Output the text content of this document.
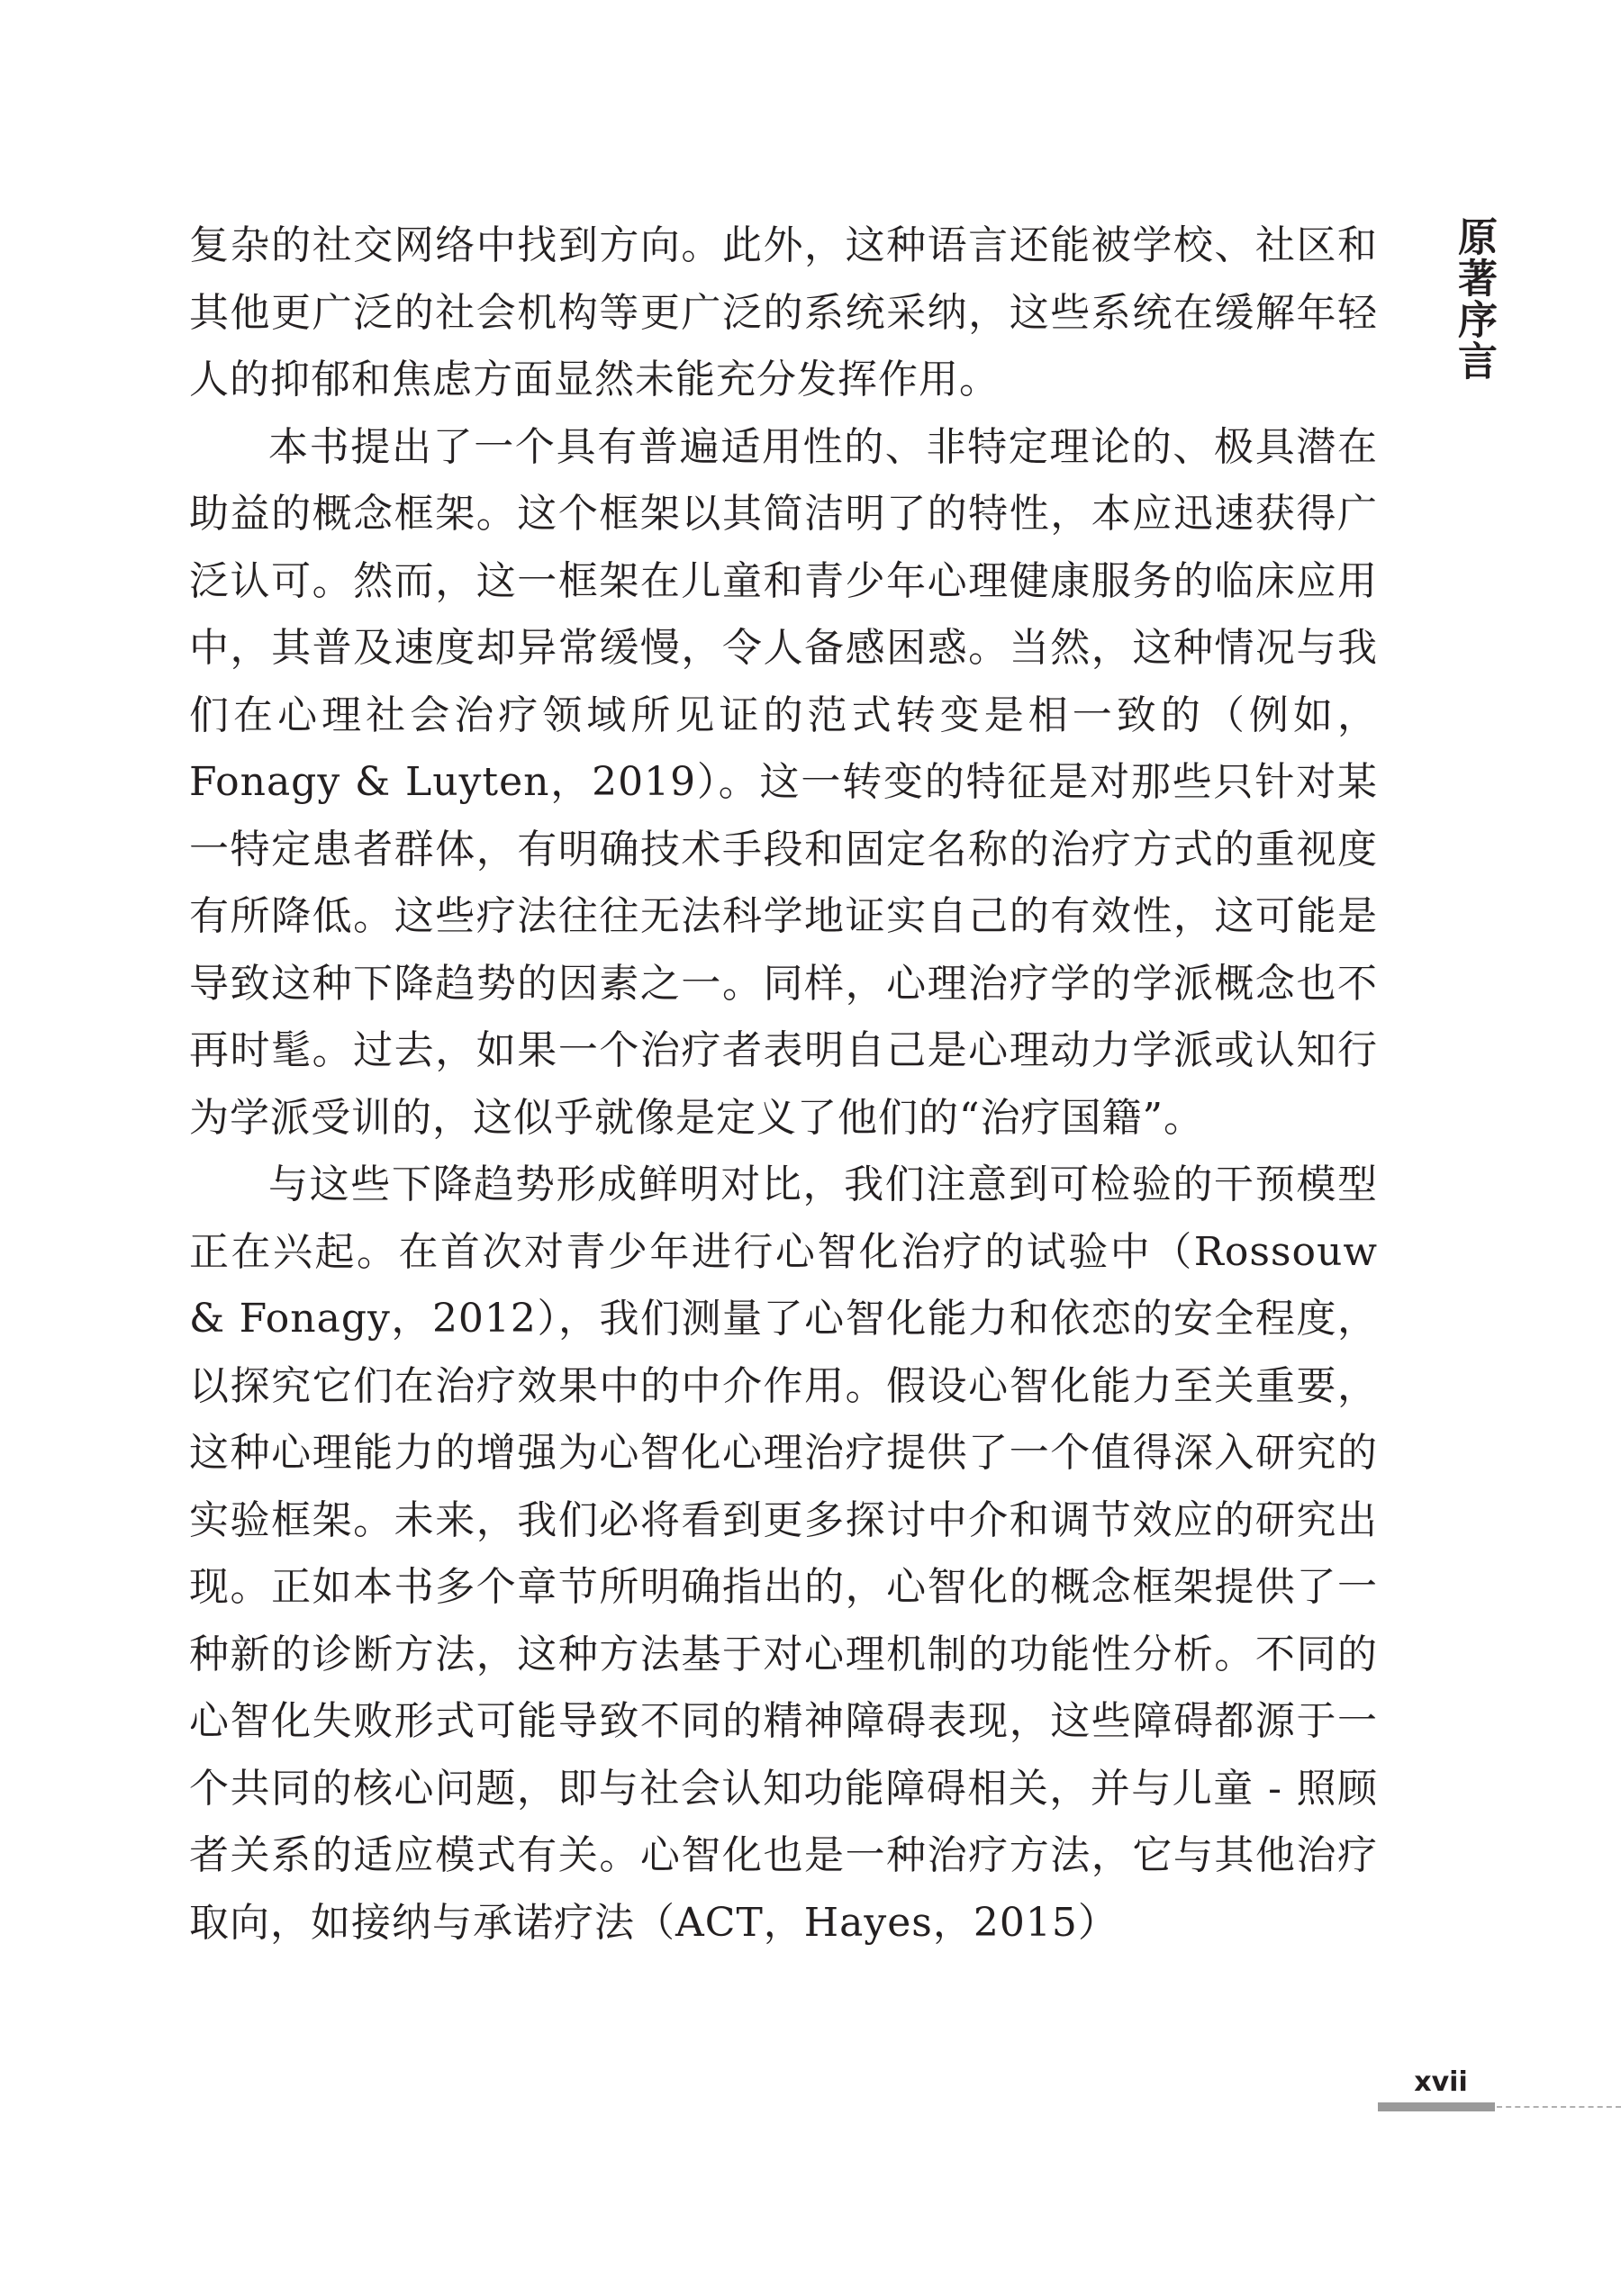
复杂的社交网络中找到方向。此外，这种语言还能被学校、社区和其他更广泛的社会机构等更广泛的系统采纳，这些系统在缓解年轻人的抑郁和焦虑方面显然未能充分发挥作用。

本书提出了一个具有普遍适用性的、非特定理论的、极具潜在助益的概念框架。这个框架以其简洁明了的特性，本应迅速获得广泛认可。然而，这一框架在儿童和青少年心理健康服务的临床应用中，其普及速度却异常缓慢，令人备感困惑。当然，这种情况与我们在心理社会治疗领域所见证的范式转变是相一致的（例如，Fonagy & Luyten，2019）。这一转变的特征是对那些只针对某一特定患者群体，有明确技术手段和固定名称的治疗方式的重视度有所降低。这些疗法往往无法科学地证实自己的有效性，这可能是导致这种下降趋势的因素之一。同样，心理治疗学的学派概念也不再时髦。过去，如果一个治疗者表明自己是心理动力学派或认知行为学派受训的，这似乎就像是定义了他们的“治疗国籍”。

与这些下降趋势形成鲜明对比，我们注意到可检验的干预模型正在兴起。在首次对青少年进行心智化治疗的试验中（Rossouw & Fonagy，2012），我们测量了心智化能力和依恋的安全程度，以探究它们在治疗效果中的中介作用。假设心智化能力至关重要，这种心理能力的增强为心智化心理治疗提供了一个值得深入研究的实验框架。未来，我们必将看到更多探讨中介和调节效应的研究出现。正如本书多个章节所明确指出的，心智化的概念框架提供了一种新的诊断方法，这种方法基于对心理机制的功能性分析。不同的心智化失败形式可能导致不同的精神障碍表现，这些障碍都源于一个共同的核心问题，即与社会认知功能障碍相关，并与儿童 - 照顾者关系的适应模式有关。心智化也是一种治疗方法，它与其他治疗取向，如接纳与承诺疗法（ACT，Hayes，2015）

原著序言
xvii
